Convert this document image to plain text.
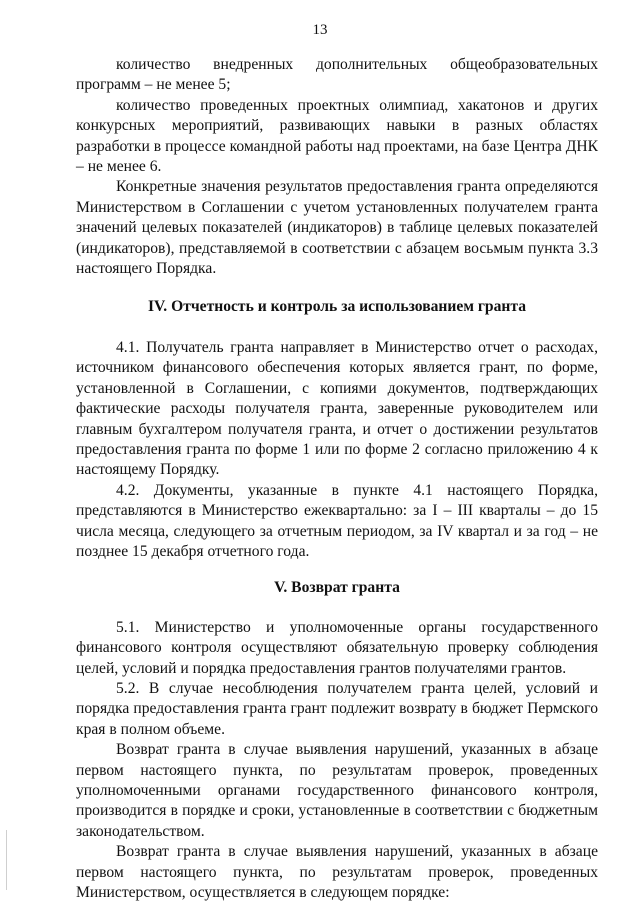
13

количество внедренных дополнительных общеобразовательных программ – не менее 5;

количество проведенных проектных олимпиад, хакатонов и других конкурсных мероприятий, развивающих навыки в разных областях разработки в процессе командной работы над проектами, на базе Центра ДНК – не менее 6.

Конкретные значения результатов предоставления гранта определяются Министерством в Соглашении с учетом установленных получателем гранта значений целевых показателей (индикаторов) в таблице целевых показателей (индикаторов), представляемой в соответствии с абзацем восьмым пункта 3.3 настоящего Порядка.

IV. Отчетность и контроль за использованием гранта

4.1. Получатель гранта направляет в Министерство отчет о расходах, источником финансового обеспечения которых является грант, по форме, установленной в Соглашении, с копиями документов, подтверждающих фактические расходы получателя гранта, заверенные руководителем или главным бухгалтером получателя гранта, и отчет о достижении результатов предоставления гранта по форме 1 или по форме 2 согласно приложению 4 к настоящему Порядку.

4.2. Документы, указанные в пункте 4.1 настоящего Порядка, представляются в Министерство ежеквартально: за I – III кварталы – до 15 числа месяца, следующего за отчетным периодом, за IV квартал и за год – не позднее 15 декабря отчетного года.

V. Возврат гранта

5.1. Министерство и уполномоченные органы государственного финансового контроля осуществляют обязательную проверку соблюдения целей, условий и порядка предоставления грантов получателями грантов.

5.2. В случае несоблюдения получателем гранта целей, условий и порядка предоставления гранта грант подлежит возврату в бюджет Пермского края в полном объеме.

Возврат гранта в случае выявления нарушений, указанных в абзаце первом настоящего пункта, по результатам проверок, проведенных уполномоченными органами государственного финансового контроля, производится в порядке и сроки, установленные в соответствии с бюджетным законодательством.

Возврат гранта в случае выявления нарушений, указанных в абзаце первом настоящего пункта, по результатам проверок, проведенных Министерством, осуществляется в следующем порядке:
